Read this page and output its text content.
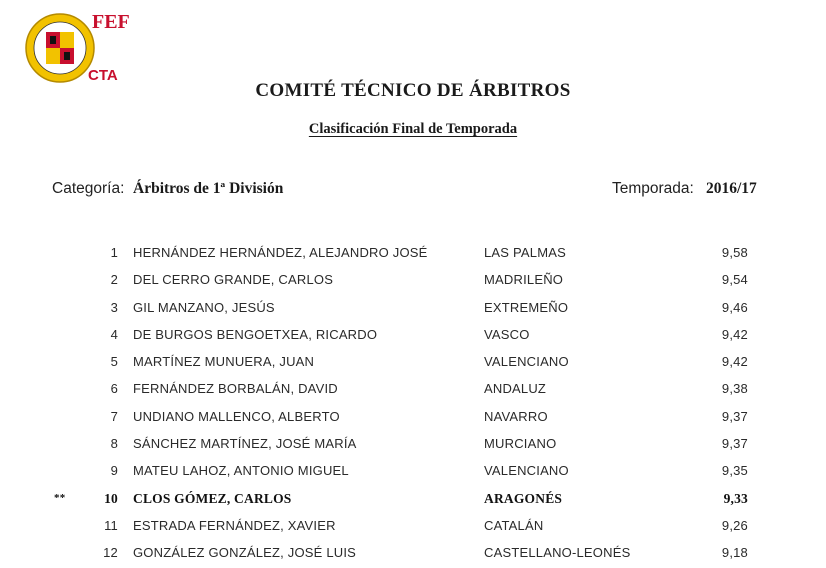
FEF
CTA
COMITÉ TÉCNICO DE ÁRBITROS
Clasificación Final de Temporada
Categoría: Árbitros de 1ª División	Temporada: 2016/17
1 HERNÁNDEZ HERNÁNDEZ, ALEJANDRO JOSÉ	LAS PALMAS	9,58
2 DEL CERRO GRANDE, CARLOS	MADRILEÑO	9,54
3 GIL MANZANO, JESÚS	EXTREMEÑO	9,46
4 DE BURGOS BENGOETXEA, RICARDO	VASCO	9,42
5 MARTÍNEZ MUNUERA, JUAN	VALENCIANO	9,42
6 FERNÁNDEZ BORBALÁN, DAVID	ANDALUZ	9,38
7 UNDIANO MALLENCO, ALBERTO	NAVARRO	9,37
8 SÁNCHEZ MARTÍNEZ, JOSÉ MARÍA	MURCIANO	9,37
9 MATEU LAHOZ, ANTONIO MIGUEL	VALENCIANO	9,35
**	10 CLOS GÓMEZ, CARLOS	ARAGONÉS	9,33
11 ESTRADA FERNÁNDEZ, XAVIER	CATALÁN	9,26
12 GONZÁLEZ GONZÁLEZ, JOSÉ LUIS	CASTELLANO-LEONÉS	9,18
